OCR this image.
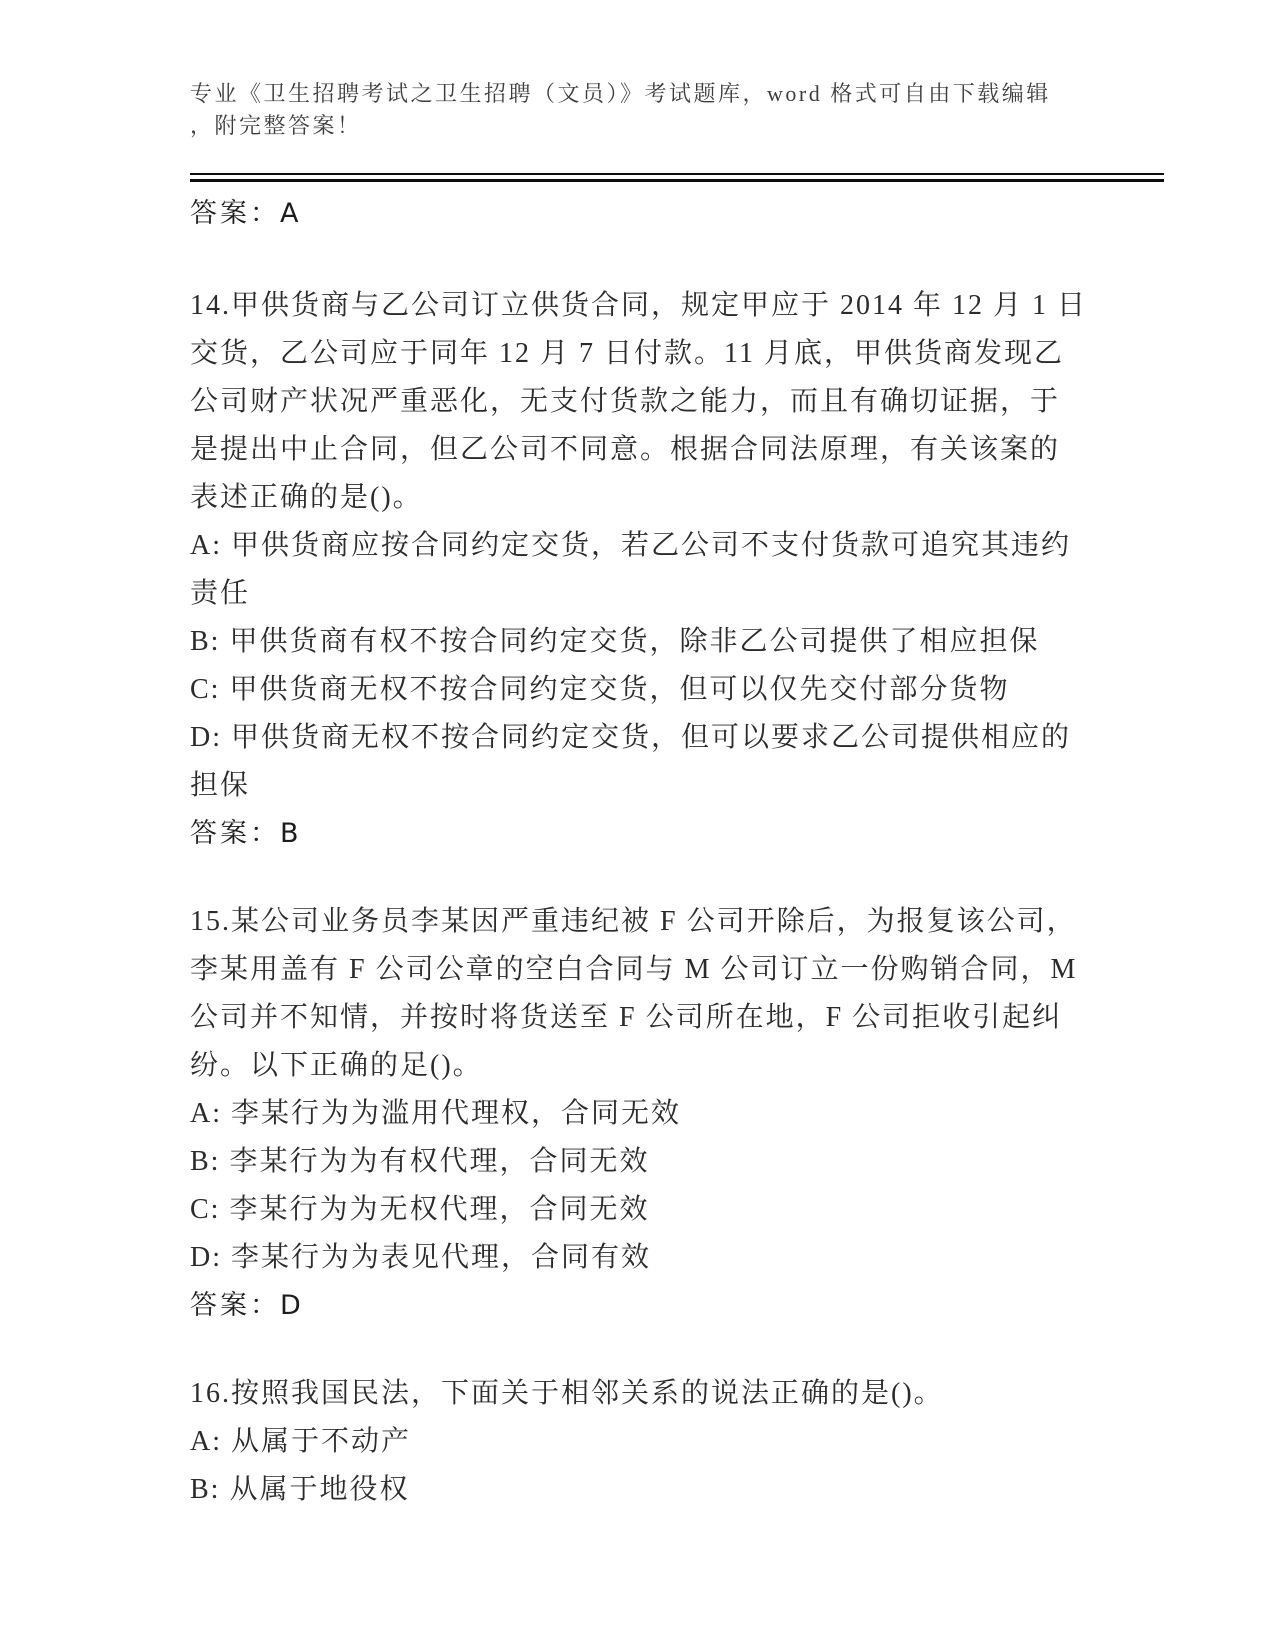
专业《卫生招聘考试之卫生招聘（文员）》考试题库，word 格式可自由下载编辑
，附完整答案！
答案：A

14.甲供货商与乙公司订立供货合同，规定甲应于 2014 年 12 月 1 日交货，乙公司应于同年 12 月 7 日付款。11 月底，甲供货商发现乙公司财产状况严重恶化，无支付货款之能力，而且有确切证据，于是提出中止合同，但乙公司不同意。根据合同法原理，有关该案的表述正确的是()。

A: 甲供货商应按合同约定交货，若乙公司不支付货款可追究其违约责任

B: 甲供货商有权不按合同约定交货，除非乙公司提供了相应担保

C: 甲供货商无权不按合同约定交货，但可以仅先交付部分货物

D: 甲供货商无权不按合同约定交货，但可以要求乙公司提供相应的担保

答案：B

15.某公司业务员李某因严重违纪被 F 公司开除后，为报复该公司，李某用盖有 F 公司公章的空白合同与 M 公司订立一份购销合同，M 公司并不知情，并按时将货送至 F 公司所在地，F 公司拒收引起纠纷。以下正确的足()。

A: 李某行为为滥用代理权，合同无效

B: 李某行为为有权代理，合同无效

C: 李某行为为无权代理，合同无效

D: 李某行为为表见代理，合同有效

答案：D

16.按照我国民法，下面关于相邻关系的说法正确的是()。

A: 从属于不动产

B: 从属于地役权
